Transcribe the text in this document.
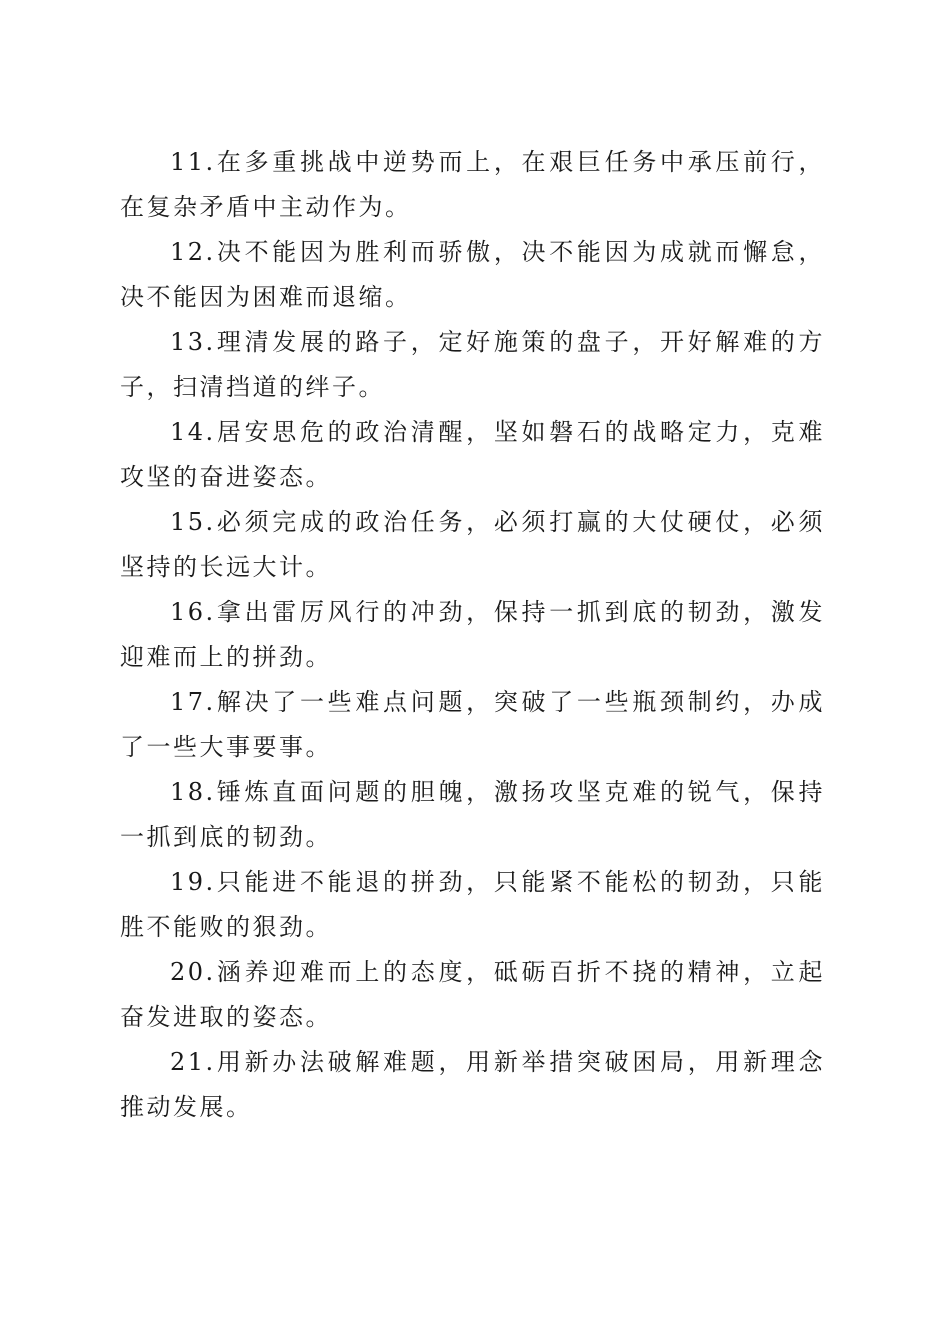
11.在多重挑战中逆势而上，在艰巨任务中承压前行，在复杂矛盾中主动作为。

12.决不能因为胜利而骄傲，决不能因为成就而懈怠，决不能因为困难而退缩。

13.理清发展的路子，定好施策的盘子，开好解难的方子，扫清挡道的绊子。

14.居安思危的政治清醒，坚如磐石的战略定力，克难攻坚的奋进姿态。

15.必须完成的政治任务，必须打赢的大仗硬仗，必须坚持的长远大计。

16.拿出雷厉风行的冲劲，保持一抓到底的韧劲，激发迎难而上的拼劲。

17.解决了一些难点问题，突破了一些瓶颈制约，办成了一些大事要事。

18.锤炼直面问题的胆魄，激扬攻坚克难的锐气，保持一抓到底的韧劲。

19.只能进不能退的拼劲，只能紧不能松的韧劲，只能胜不能败的狠劲。

20.涵养迎难而上的态度，砥砺百折不挠的精神，立起奋发进取的姿态。

21.用新办法破解难题，用新举措突破困局，用新理念推动发展。
